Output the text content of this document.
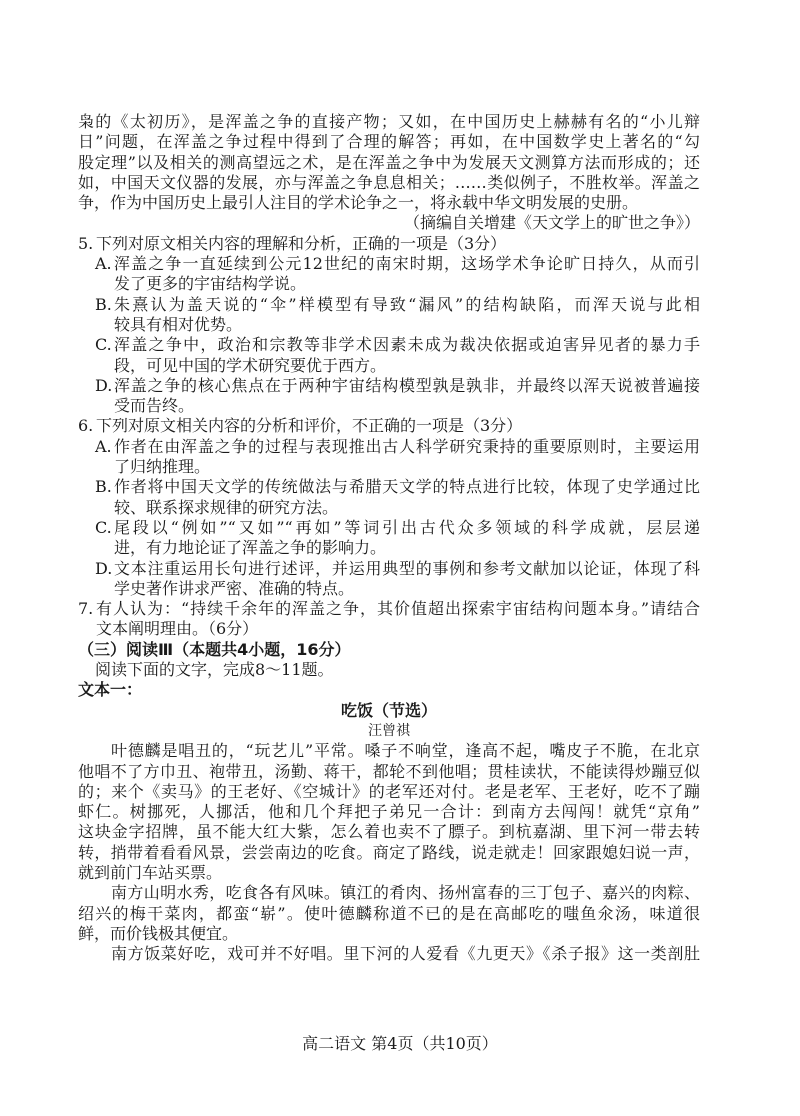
枭的《太初历》，是浑盖之争的直接产物；又如，在中国历史上赫赫有名的“小儿辩
日”问题，在浑盖之争过程中得到了合理的解答；再如，在中国数学史上著名的“勾
股定理”以及相关的测高望远之术，是在浑盖之争中为发展天文测算方法而形成的；还
如，中国天文仪器的发展，亦与浑盖之争息息相关；……类似例子，不胜枚举。浑盖之
争，作为中国历史上最引人注目的学术论争之一，将永载中华文明发展的史册。
（摘编自关增建《天文学上的旷世之争》）
5. 下列对原文相关内容的理解和分析，正确的一项是（3分）
A. 浑盖之争一直延续到公元12世纪的南宋时期，这场学术争论旷日持久，从而引
发了更多的宇宙结构学说。
B. 朱熹认为盖天说的“伞”样模型有导致“漏风”的结构缺陷，而浑天说与此相
较具有相对优势。
C. 浑盖之争中，政治和宗教等非学术因素未成为裁决依据或迫害异见者的暴力手
段，可见中国的学术研究要优于西方。
D. 浑盖之争的核心焦点在于两种宇宙结构模型孰是孰非，并最终以浑天说被普遍接
受而告终。
6. 下列对原文相关内容的分析和评价，不正确的一项是（3分）
A. 作者在由浑盖之争的过程与表现推出古人科学研究秉持的重要原则时，主要运用
了归纳推理。
B. 作者将中国天文学的传统做法与希腊天文学的特点进行比较，体现了史学通过比
较、联系探求规律的研究方法。
C. 尾段以“例如”“又如”“再如”等词引出古代众多领域的科学成就，层层递
进，有力地论证了浑盖之争的影响力。
D. 文本注重运用长句进行述评，并运用典型的事例和参考文献加以论证，体现了科
学史著作讲求严密、准确的特点。
7. 有人认为：“持续千余年的浑盖之争，其价值超出探索宇宙结构问题本身。”请结合
文本阐明理由。（6分）
（三）阅读Ⅲ（本题共4小题，16分）
阅读下面的文字，完成8～11题。
文本一：
吃饭（节选）
汪曾祺
叶德麟是唱丑的，“玩艺儿”平常。嗓子不响堂，逢高不起，嘴皮子不脆，在北京
他唱不了方巾丑、袍带丑，汤勤、蒋干，都轮不到他唱；贯桂读状，不能读得炒蹦豆似
的；来个《卖马》的王老好、《空城计》的老军还对付。老是老军、王老好，吃不了蹦
虾仁。树挪死，人挪活，他和几个拜把子弟兄一合计：到南方去闯闯！就凭“京角”
这块金字招牌，虽不能大红大紫，怎么着也卖不了膘子。到杭嘉湖、里下河一带去转
转，捎带着看看风景，尝尝南边的吃食。商定了路线，说走就走！回家跟媳妇说一声，
就到前门车站买票。
南方山明水秀，吃食各有风味。镇江的肴肉、扬州富春的三丁包子、嘉兴的肉粽、
绍兴的梅干菜肉，都蛮“崭”。使叶德麟称道不已的是在高邮吃的嗤鱼氽汤，味道很
鲜，而价钱极其便宜。
南方饭菜好吃，戏可并不好唱。里下河的人爱看《九更天》《杀子报》这一类剖肚
高二语文 第4页（共10页）
